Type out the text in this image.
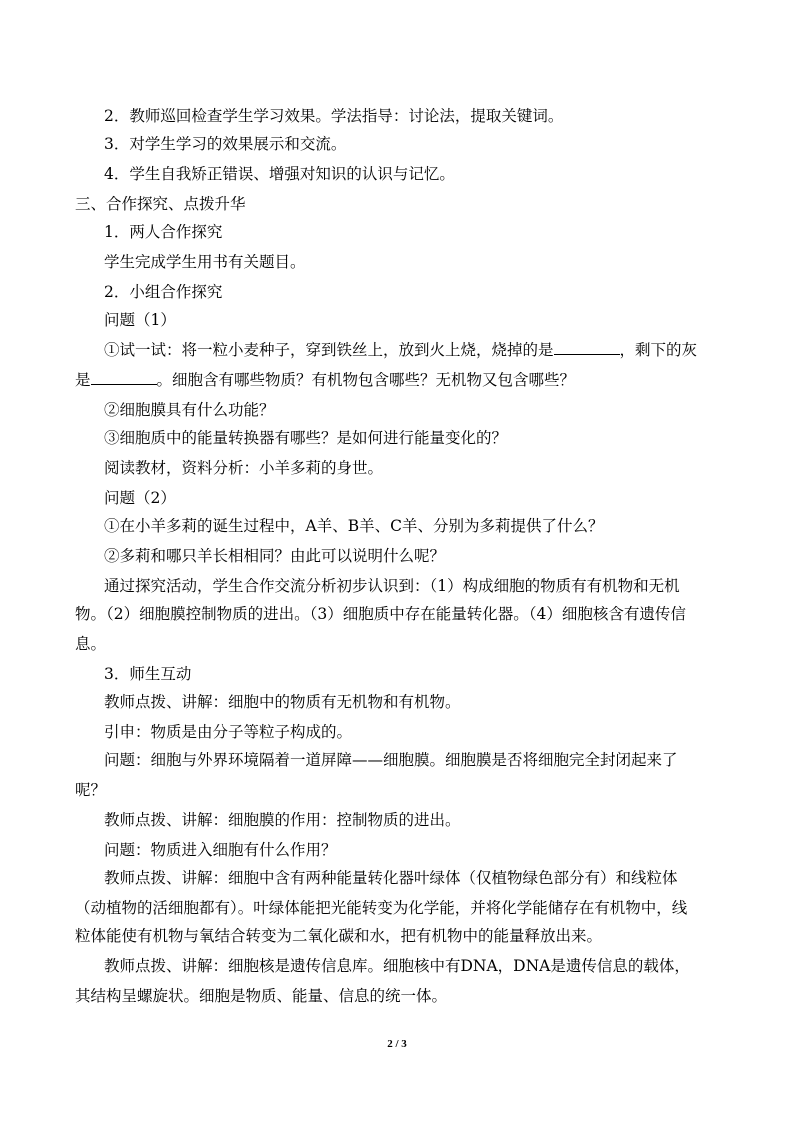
2．教师巡回检查学生学习效果。学法指导：讨论法，提取关键词。
3．对学生学习的效果展示和交流。
4．学生自我矫正错误、增强对知识的认识与记忆。
三、合作探究、点拨升华
1．两人合作探究
学生完成学生用书有关题目。
2．小组合作探究
问题（1）
①试一试：将一粒小麦种子，穿到铁丝上，放到火上烧，烧掉的是	，剩下的灰
是	。细胞含有哪些物质？有机物包含哪些？无机物又包含哪些？
②细胞膜具有什么功能？
③细胞质中的能量转换器有哪些？是如何进行能量变化的？
阅读教材，资料分析：小羊多莉的身世。
问题（2）
①在小羊多莉的诞生过程中，A羊、B羊、C羊、分别为多莉提供了什么？
②多莉和哪只羊长相相同？由此可以说明什么呢？
通过探究活动，学生合作交流分析初步认识到：（1）构成细胞的物质有有机物和无机
物。（2）细胞膜控制物质的进出。（3）细胞质中存在能量转化器。（4）细胞核含有遗传信
息。
3．师生互动
教师点拨、讲解：细胞中的物质有无机物和有机物。
引申：物质是由分子等粒子构成的。
问题：细胞与外界环境隔着一道屏障——细胞膜。细胞膜是否将细胞完全封闭起来了
呢？
教师点拨、讲解：细胞膜的作用：控制物质的进出。
问题：物质进入细胞有什么作用？
教师点拨、讲解：细胞中含有两种能量转化器叶绿体（仅植物绿色部分有）和线粒体
（动植物的活细胞都有）。叶绿体能把光能转变为化学能，并将化学能储存在有机物中，线
粒体能使有机物与氧结合转变为二氧化碳和水，把有机物中的能量释放出来。
教师点拨、讲解：细胞核是遗传信息库。细胞核中有DNA，DNA是遗传信息的载体，
其结构呈螺旋状。细胞是物质、能量、信息的统一体。
2 / 3
